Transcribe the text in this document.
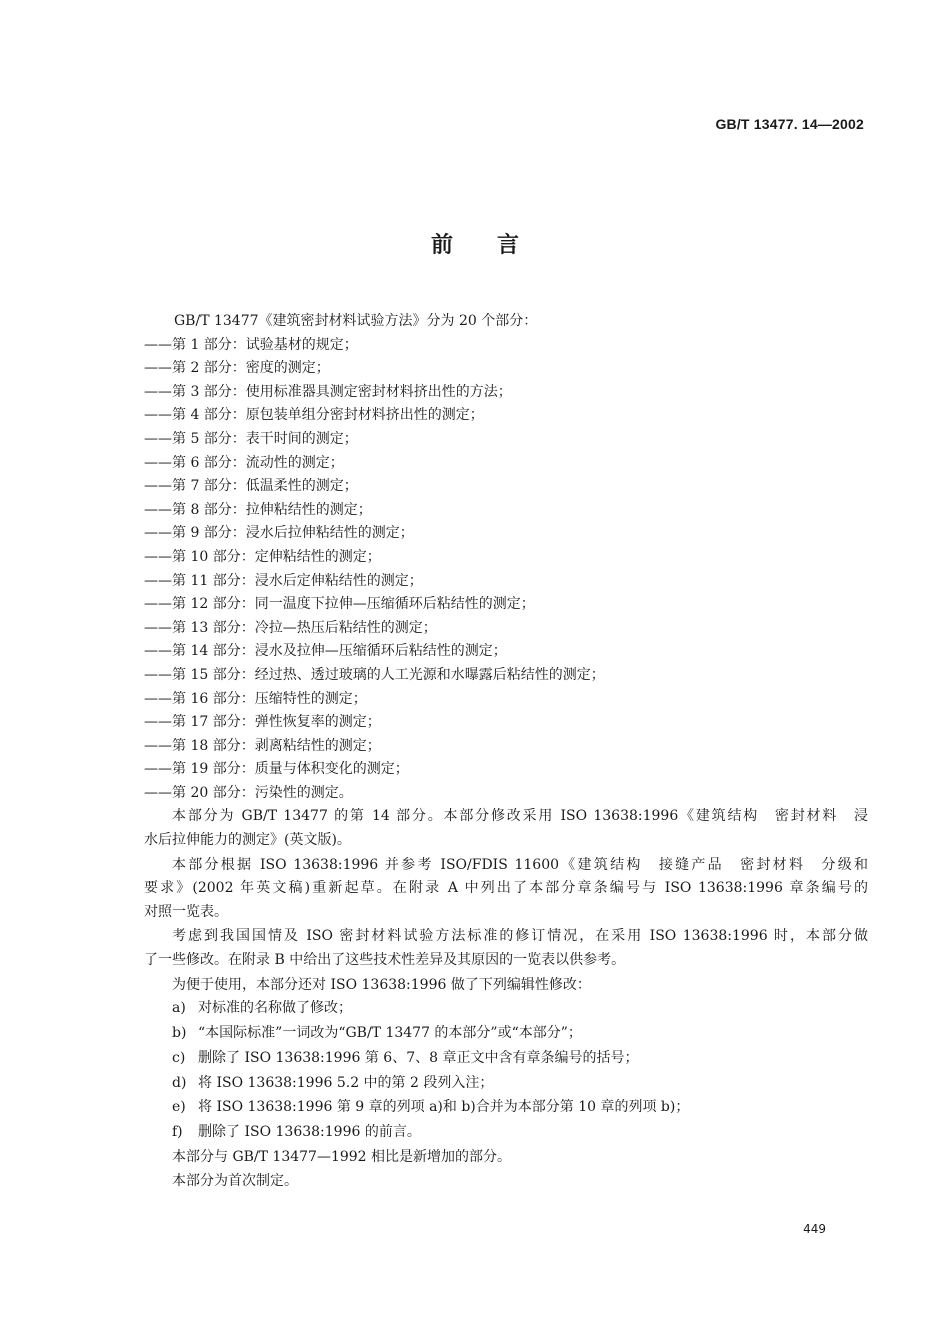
GB/T 13477. 14—2002
前言
GB/T 13477《建筑密封材料试验方法》分为 20 个部分：
——第 1 部分：试验基材的规定；
——第 2 部分：密度的测定；
——第 3 部分：使用标准器具测定密封材料挤出性的方法；
——第 4 部分：原包装单组分密封材料挤出性的测定；
——第 5 部分：表干时间的测定；
——第 6 部分：流动性的测定；
——第 7 部分：低温柔性的测定；
——第 8 部分：拉伸粘结性的测定；
——第 9 部分：浸水后拉伸粘结性的测定；
——第 10 部分：定伸粘结性的测定；
——第 11 部分：浸水后定伸粘结性的测定；
——第 12 部分：同一温度下拉伸—压缩循环后粘结性的测定；
——第 13 部分：冷拉—热压后粘结性的测定；
——第 14 部分：浸水及拉伸—压缩循环后粘结性的测定；
——第 15 部分：经过热、透过玻璃的人工光源和水曝露后粘结性的测定；
——第 16 部分：压缩特性的测定；
——第 17 部分：弹性恢复率的测定；
——第 18 部分：剥离粘结性的测定；
——第 19 部分：质量与体积变化的测定；
——第 20 部分：污染性的测定。
本部分为 GB/T 13477 的第 14 部分。本部分修改采用 ISO 13638:1996《建筑结构　密封材料　浸
水后拉伸能力的测定》(英文版)。
本部分根据 ISO 13638:1996 并参考 ISO/FDIS 11600《建筑结构　接缝产品　密封材料　分级和
要求》(2002 年英文稿)重新起草。在附录 A 中列出了本部分章条编号与 ISO 13638:1996 章条编号的
对照一览表。
考虑到我国国情及 ISO 密封材料试验方法标准的修订情况，在采用 ISO 13638:1996 时，本部分做
了一些修改。在附录 B 中给出了这些技术性差异及其原因的一览表以供参考。
为便于使用，本部分还对 ISO 13638:1996 做了下列编辑性修改：
a) 对标准的名称做了修改；
b) “本国际标准”一词改为“GB/T 13477 的本部分”或“本部分”；
c) 删除了 ISO 13638:1996 第 6、7、8 章正文中含有章条编号的括号；
d) 将 ISO 13638:1996 5.2 中的第 2 段列入注；
e) 将 ISO 13638:1996 第 9 章的列项 a)和 b)合并为本部分第 10 章的列项 b)；
f) 删除了 ISO 13638:1996 的前言。
本部分与 GB/T 13477—1992 相比是新增加的部分。
本部分为首次制定。
449
